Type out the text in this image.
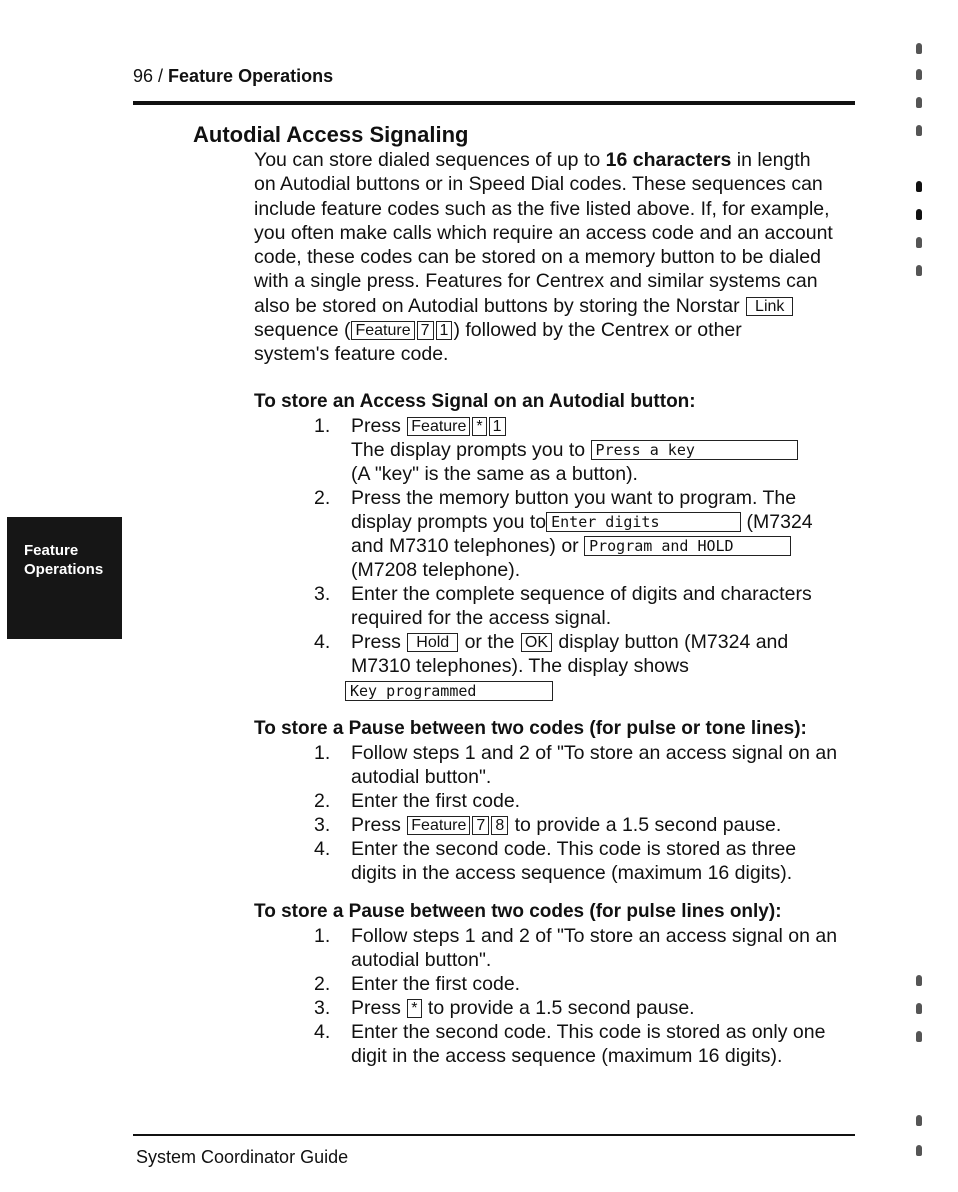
96 / Feature Operations
Feature
Operations
Autodial Access Signaling

You can store dialed sequences of up to 16 characters in length

on Autodial buttons or in Speed Dial codes. These sequences can

include feature codes such as the five listed above. If, for example,

you often make calls which require an access code and an account

code, these codes can be stored on a memory button to be dialed

with a single press. Features for Centrex and similar systems can

also be stored on Autodial buttons by storing the Norstar Link

sequence ( Feature 7 1 ) followed by the Centrex or other

system's feature code.

To store an Access Signal on an Autodial button:
1. Press Feature * 1
The display prompts you to Press a key
(A "key" is the same as a button).
2. Press the memory button you want to program. The
display prompts you to Enter digits	(M7324
and M7310 telephones) or Program and HOLD
(M7208 telephone).
3. Enter the complete sequence of digits and characters
required for the access signal.
4. Press Hold or the OK display button (M7324 and
M7310 telephones). The display shows
Key programmed
To store a Pause between two codes (for pulse or tone lines):
1. Follow steps 1 and 2 of "To store an access signal on an
autodial button".
2. Enter the first code.
3. Press Feature 7 8 to provide a 1.5 second pause.
4. Enter the second code. This code is stored as three
digits in the access sequence (maximum 16 digits).
To store a Pause between two codes (for pulse lines only):
1. Follow steps 1 and 2 of "To store an access signal on an
autodial button".
2. Enter the first code.
3. Press * to provide a 1.5 second pause.
4. Enter the second code. This code is stored as only one
digit in the access sequence (maximum 16 digits).
System Coordinator Guide
